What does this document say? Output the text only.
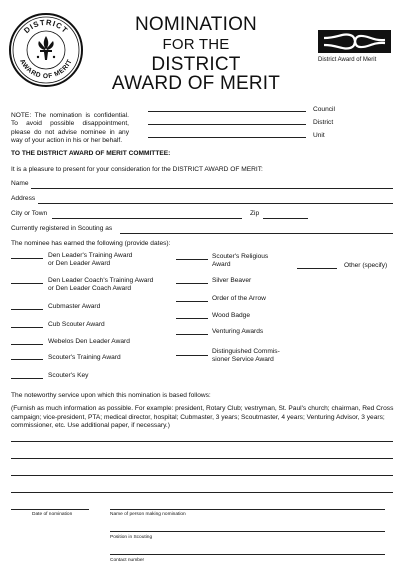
DISTRICT
AWARD OF MERIT
NOMINATION
FOR THE
DISTRICT
AWARD OF MERIT
District Award of Merit
NOTE: The nomination is confidential. To avoid possible disappointment, please do not advise nominee in any way of your action in his or her behalf.
Council
District
Unit
TO THE DISTRICT AWARD OF MERIT COMMITTEE:
It is a pleasure to present for your consideration for the DISTRICT AWARD OF MERIT:
Name
Address
City or Town	Zip
Currently registered in Scouting as
The nominee has earned the following (provide dates):
Den Leader's Training Award
or Den Leader Award
Den Leader Coach's Training Award
or Den Leader Coach Award
Cubmaster Award
Cub Scouter Award
Webelos Den Leader Award
Scouter's Training Award
Scouter's Key
Scouter's Religious
Award
Silver Beaver
Order of the Arrow
Wood Badge
Venturing Awards
Distinguished Commis-
sioner Service Award
Other (specify)
The noteworthy service upon which this nomination is based follows:
(Furnish as much information as possible. For example: president, Rotary Club; vestryman, St. Paul's church; chairman, Red Cross campaign; vice-president, PTA; medical director, hospital; Cubmaster, 3 years; Scoutmaster, 4 years; Venturing Advisor, 3 years; commissioner, etc. Use additional paper, if necessary.)
Date of nomination	Name of person making nomination
Position in Scouting
Contact number
